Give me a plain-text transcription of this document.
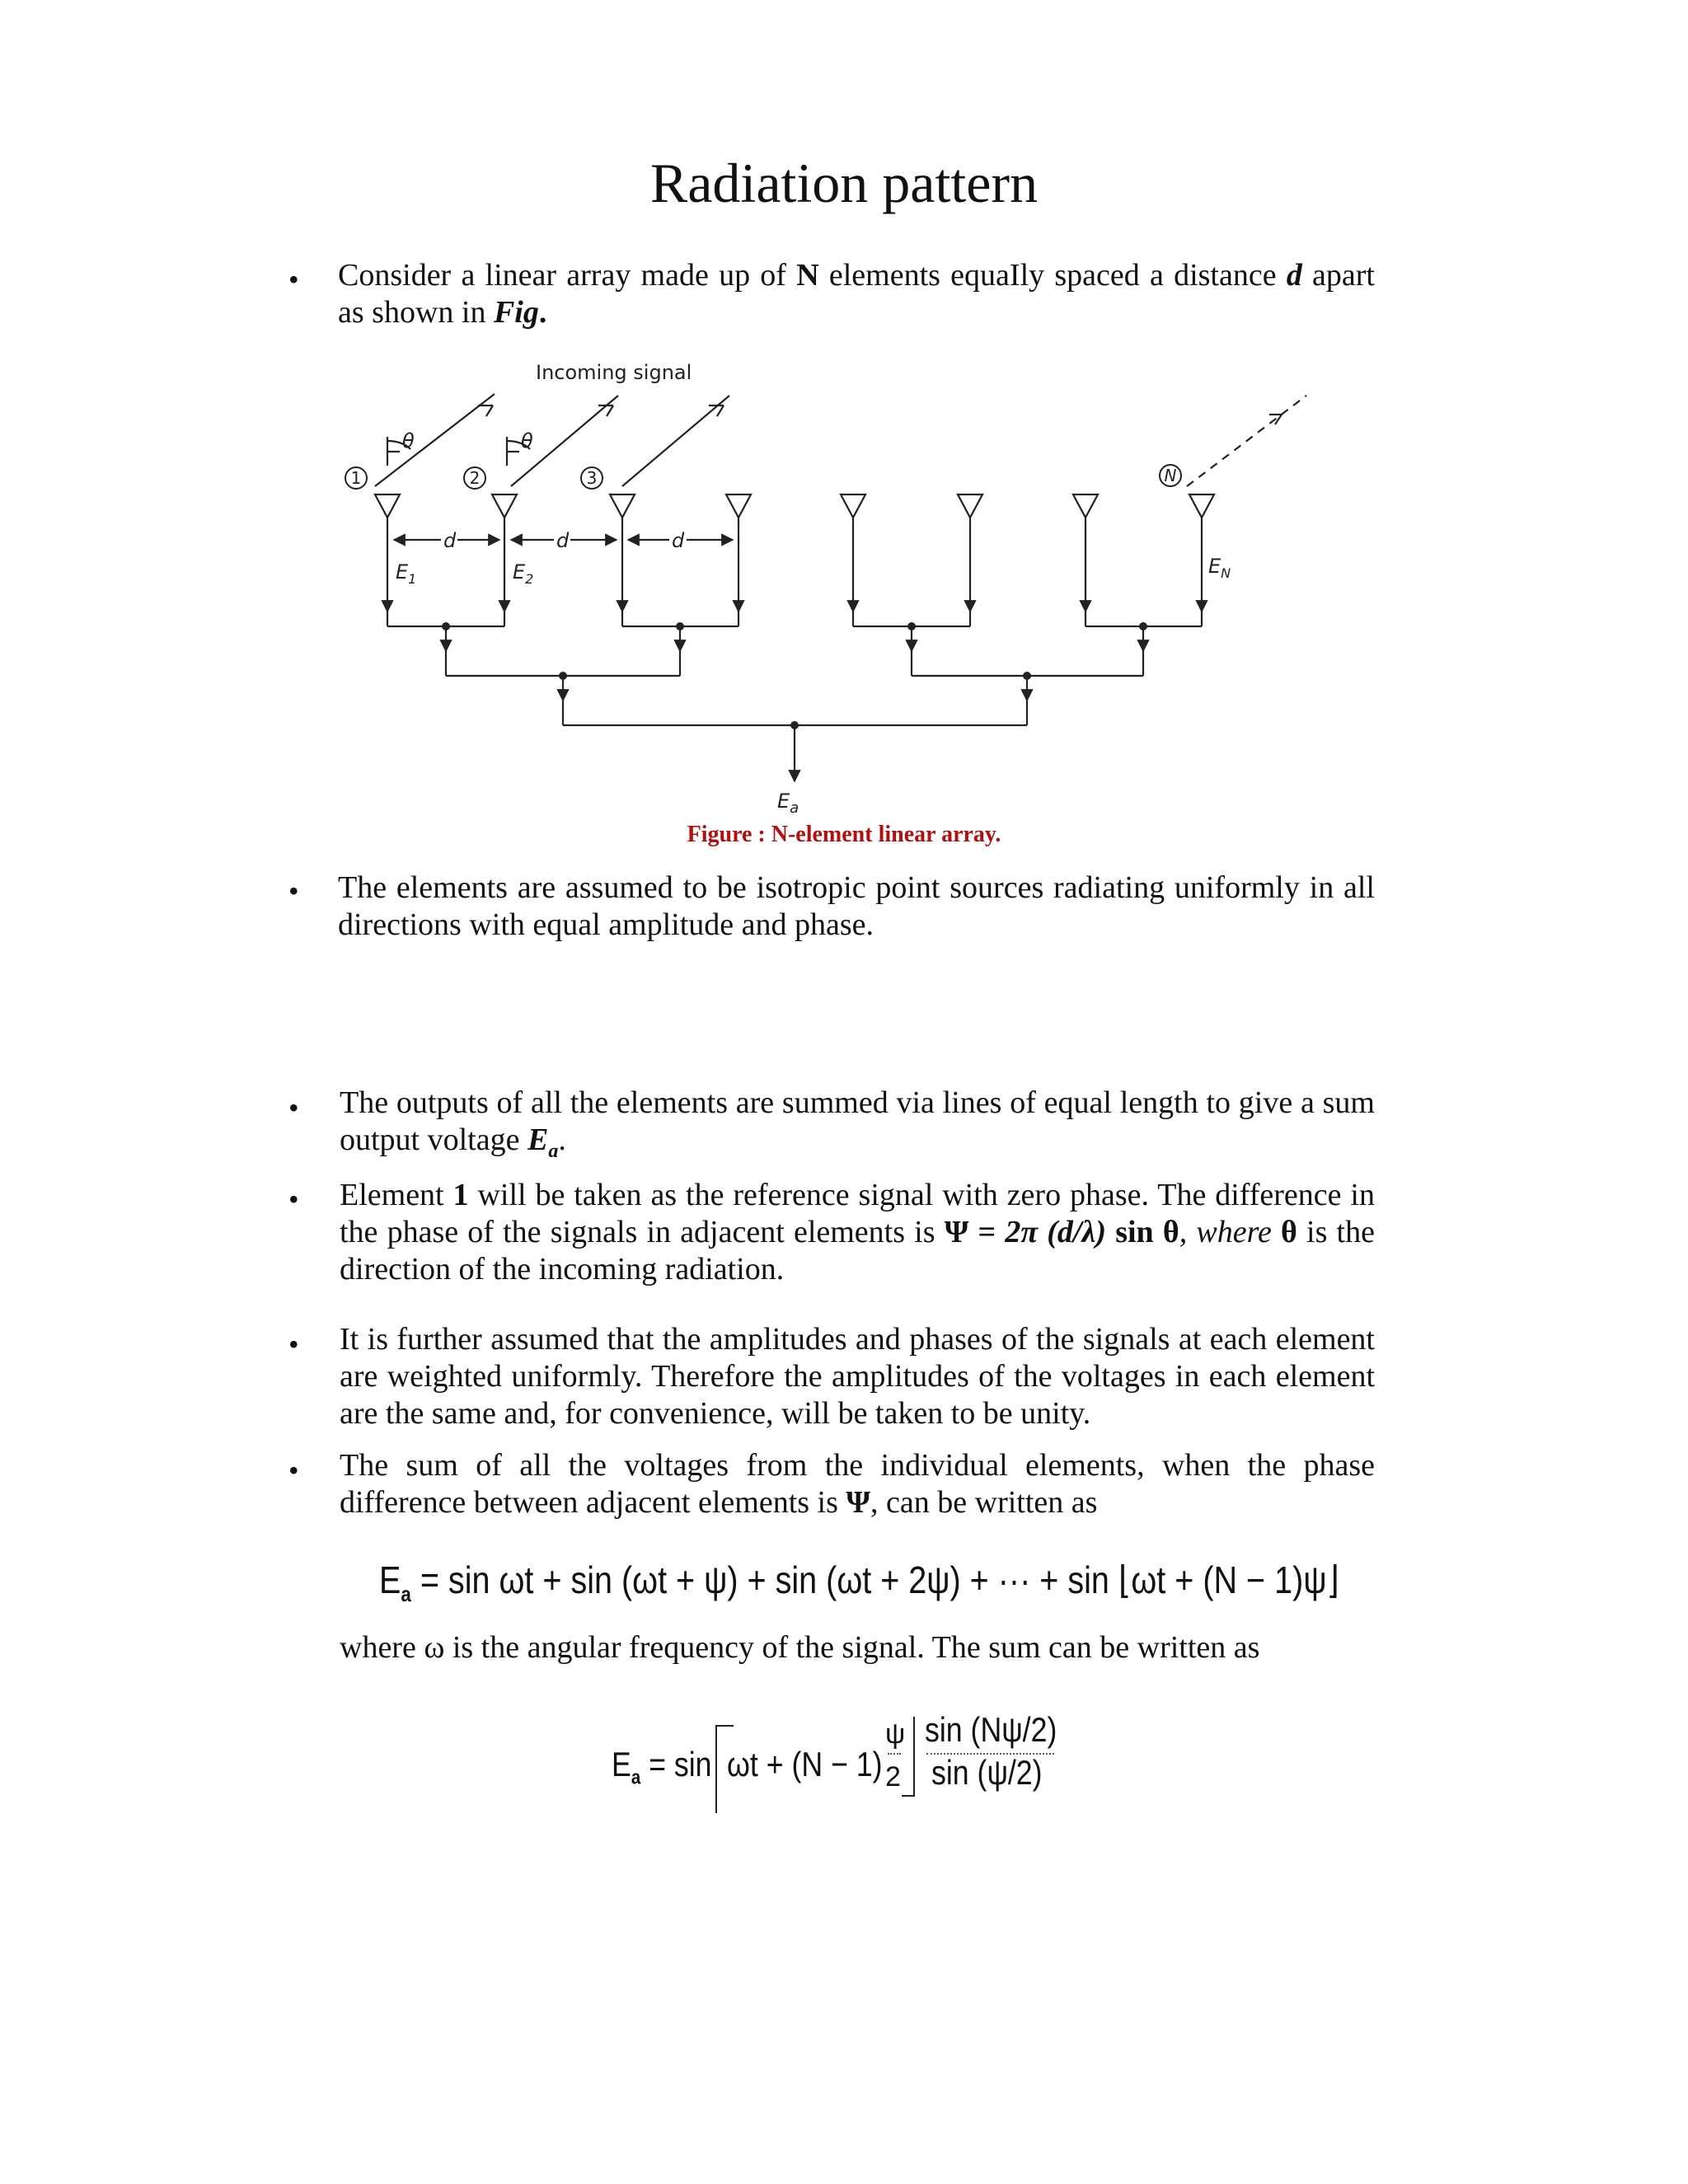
Radiation pattern
• Consider a linear array made up of N elements equaIly spaced a distance d apart as shown in Fig.
1	2	3	N
Incoming signal
θ	θ
d	d	d
$E_1$	$E_2$
$E_N$
$E_a$
Figure : N-element linear array.
• The elements are assumed to be isotropic point sources radiating uniformly in all directions with equal amplitude and phase.
• The outputs of all the elements are summed via lines of equal length to give a sum output voltage $E_a$.
• Element 1 will be taken as the reference signal with zero phase. The difference in the phase of the signals in adjacent elements is Ψ = 2π (d/λ) sin θ, where θ is the direction of the incoming radiation.
• It is further assumed that the amplitudes and phases of the signals at each element are weighted uniformly. Therefore the amplitudes of the voltages in each element are the same and, for convenience, will be taken to be unity.
• The sum of all the voltages from the individual elements, when the phase difference between adjacent elements is Ψ, can be written as
$E_a = \sin \omega t + \sin (\omega t + \psi) + \sin (\omega t + 2\psi)$ + ··· + sin ⌊ωt + (N − 1)ψ⌋
where ω is the angular frequency of the signal. The sum can be written as
$E_a = \sin \omega t + (N - 1)$
ψ
2
sin (Nψ/2)
sin (ψ/2)
